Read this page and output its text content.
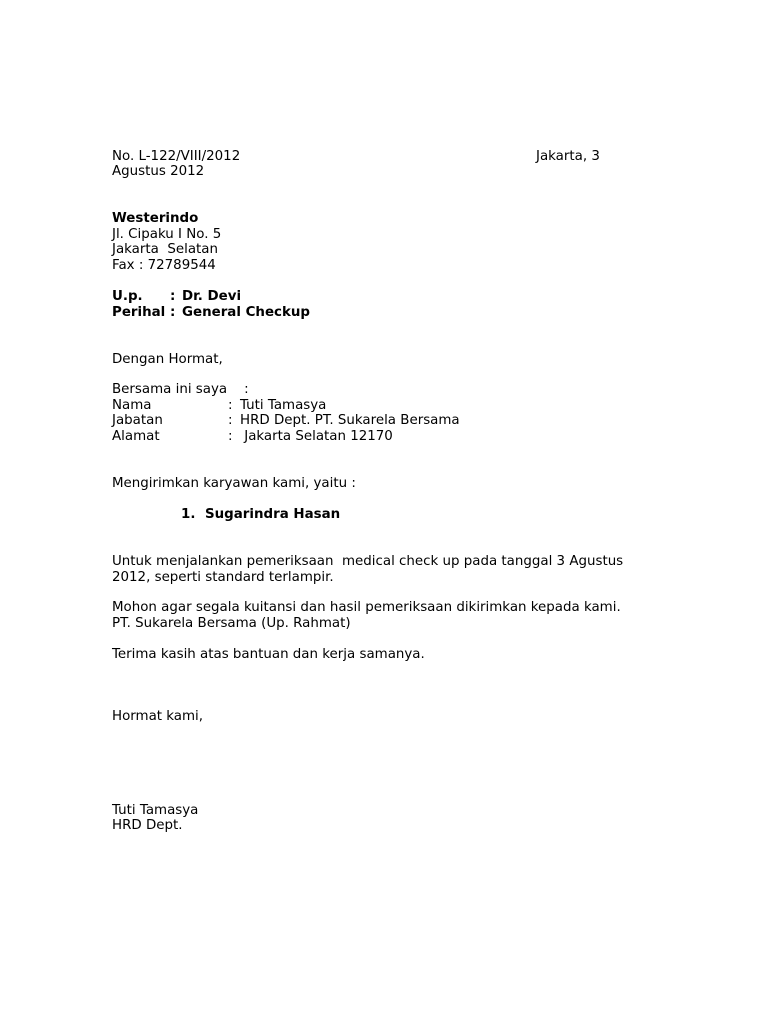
No. L-122/VIII/2012	Jakarta, 3
Agustus 2012
Westerindo
Jl. Cipaku I No. 5
Jakarta  Selatan
Fax : 72789544
U.p. : Dr. Devi
Perihal : General Checkup
Dengan Hormat,
Bersama ini saya    :
Nama	: Tuti Tamasya
Jabatan	: HRD Dept. PT. Sukarela Bersama
Alamat	: Jakarta Selatan 12170
Mengirimkan karyawan kami, yaitu :
1. Sugarindra Hasan
Untuk menjalankan pemeriksaan  medical check up pada tanggal 3 Agustus
2012, seperti standard terlampir.
Mohon agar segala kuitansi dan hasil pemeriksaan dikirimkan kepada kami.
PT. Sukarela Bersama (Up. Rahmat)
Terima kasih atas bantuan dan kerja samanya.
Hormat kami,
Tuti Tamasya
HRD Dept.
